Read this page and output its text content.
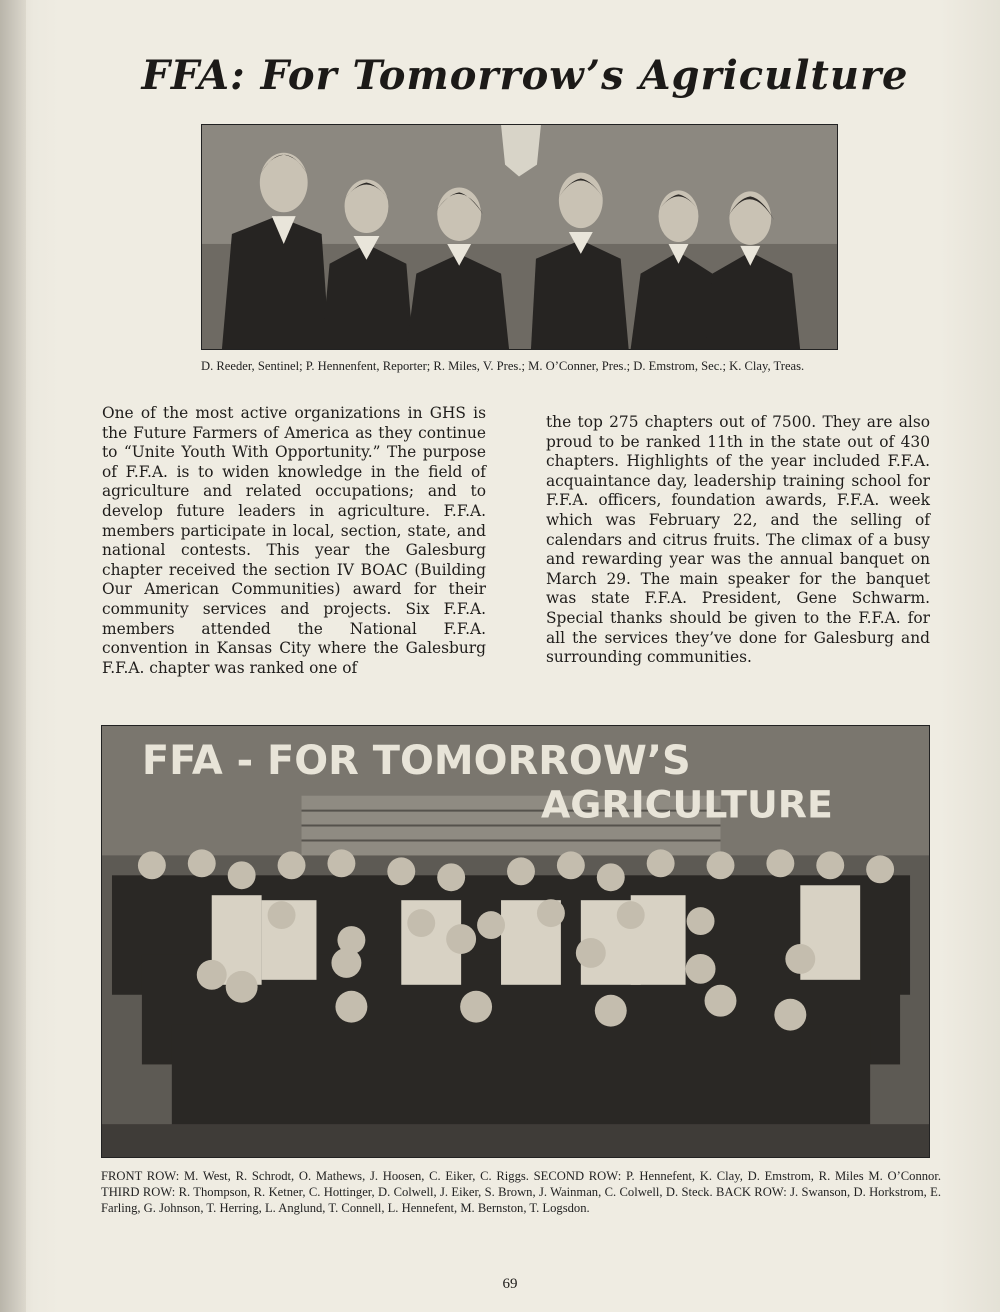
FFA: For Tomorrow’s Agriculture

D. Reeder, Sentinel; P. Hennenfent, Reporter; R. Miles, V. Pres.; M. O’Conner, Pres.; D. Emstrom, Sec.; K. Clay, Treas.

One of the most active organizations in GHS is the Future Farmers of America as they continue to “Unite Youth With Opportunity.” The purpose of F.F.A. is to widen knowledge in the field of agriculture and related occupations; and to develop future leaders in agriculture. F.F.A. members participate in local, section, state, and national contests. This year the Galesburg chapter received the section IV BOAC (Building Our American Communities) award for their community services and projects. Six F.F.A. members attended the National F.F.A. convention in Kansas City where the Galesburg F.F.A. chapter was ranked one of

the top 275 chapters out of 7500. They are also proud to be ranked 11th in the state out of 430 chapters. Highlights of the year included F.F.A. acquaintance day, leadership training school for F.F.A. officers, foundation awards, F.F.A. week which was February 22, and the selling of calendars and citrus fruits. The climax of a busy and rewarding year was the annual banquet on March 29. The main speaker for the banquet was state F.F.A. President, Gene Schwarm. Special thanks should be given to the F.F.A. for all the services they’ve done for Galesburg and surrounding communities.

FFA - FOR TOMORROW’S
AGRICULTURE

FRONT ROW: M. West, R. Schrodt, O. Mathews, J. Hoosen, C. Eiker, C. Riggs. SECOND ROW: P. Hennefent, K. Clay, D. Emstrom, R. Miles M. O’Connor. THIRD ROW: R. Thompson, R. Ketner, C. Hottinger, D. Colwell, J. Eiker, S. Brown, J. Wainman, C. Colwell, D. Steck. BACK ROW: J. Swanson, D. Horkstrom, E. Farling, G. Johnson, T. Herring, L. Anglund, T. Connell, L. Hennefent, M. Bernston, T. Logsdon.

69
